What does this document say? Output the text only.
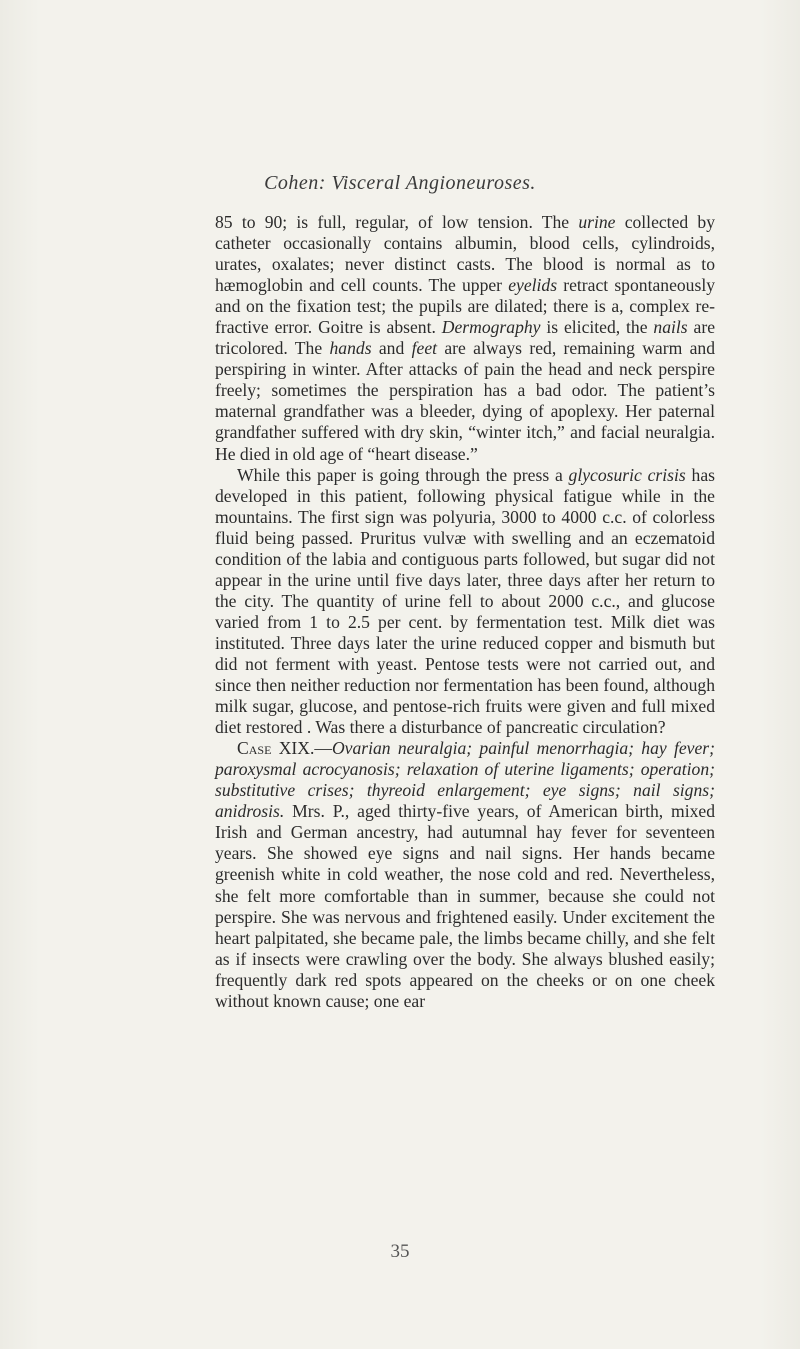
Cohen: Visceral Angioneuroses.

85 to 90; is full, regular, of low tension. The urine collected by catheter occasionally contains albumin, blood cells, cylindroids, urates, oxalates; never distinct casts. The blood is normal as to hæmoglobin and cell counts. The upper eyelids retract spontaneously and on the fixation test; the pupils are dilated; there is a, complex refractive error. Goitre is absent. Dermography is elicited, the nails are tricolored. The hands and feet are always red, remaining warm and perspiring in winter. After attacks of pain the head and neck perspire freely; sometimes the perspiration has a bad odor. The patient’s maternal grandfather was a bleeder, dying of apoplexy. Her paternal grandfather suffered with dry skin, “winter itch,” and facial neuralgia. He died in old age of “heart disease.”

While this paper is going through the press a glycosuric crisis has developed in this patient, following physical fatigue while in the mountains. The first sign was polyuria, 3000 to 4000 c.c. of colorless fluid being passed. Pruritus vulvæ with swelling and an eczematoid condition of the labia and contiguous parts followed, but sugar did not appear in the urine until five days later, three days after her return to the city. The quantity of urine fell to about 2000 c.c., and glucose varied from 1 to 2.5 per cent. by fermentation test. Milk diet was instituted. Three days later the urine reduced copper and bismuth but did not ferment with yeast. Pentose tests were not carried out, and since then neither reduction nor fermentation has been found, although milk sugar, glucose, and pentose-rich fruits were given and full mixed diet restored . Was there a disturbance of pancreatic circulation?

Case XIX.—Ovarian neuralgia; painful menorrhagia; hay fever; paroxysmal acrocyanosis; relaxation of uterine ligaments; operation; substitutive crises; thyreoid enlargement; eye signs; nail signs; anidrosis. Mrs. P., aged thirty-five years, of American birth, mixed Irish and German ancestry, had autumnal hay fever for seventeen years. She showed eye signs and nail signs. Her hands became greenish white in cold weather, the nose cold and red. Nevertheless, she felt more comfortable than in summer, because she could not perspire. She was nervous and frightened easily. Under excitement the heart palpitated, she became pale, the limbs became chilly, and she felt as if insects were crawling over the body. She always blushed easily; frequently dark red spots appeared on the cheeks or on one cheek without known cause; one ear

35
